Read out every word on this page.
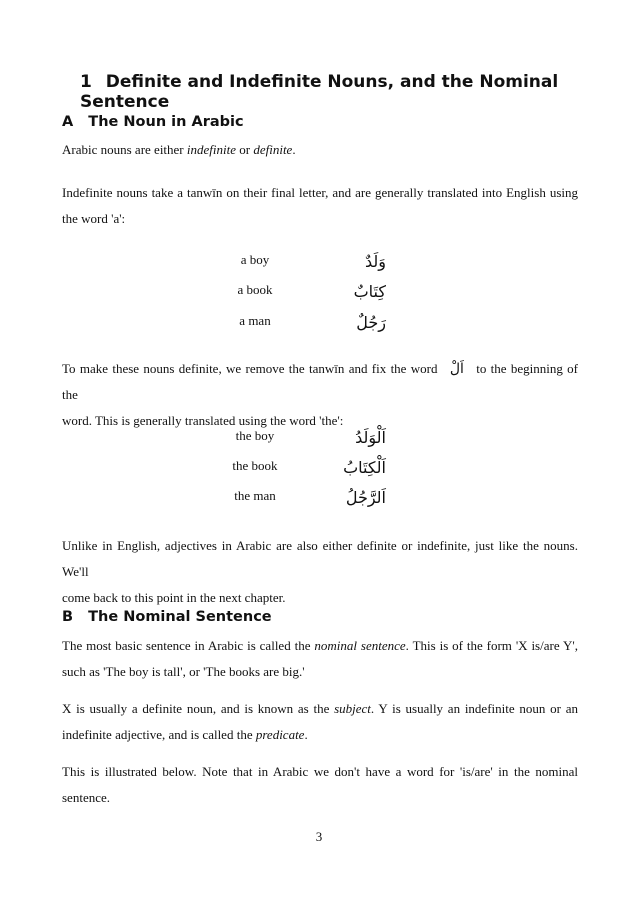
1 Definite and Indefinite Nouns, and the Nominal Sentence
A The Noun in Arabic

Arabic nouns are either indefinite or definite.

Indefinite nouns take a tanwīn on their final letter, and are generally translated into English using
the word 'a':

a boy	وَلَدٌ
a book	كِتَابٌ
a man	رَجُلٌ

To make these nouns definite, we remove the tanwīn and fix the word اَلْ to the beginning of the
word. This is generally translated using the word 'the':

the boy	اَلْوَلَدُ
the book	اَلْكِتَابُ
the man	اَلرَّجُلُ

Unlike in English, adjectives in Arabic are also either definite or indefinite, just like the nouns. We'll
come back to this point in the next chapter.

B The Nominal Sentence

The most basic sentence in Arabic is called the nominal sentence. This is of the form 'X is/are Y',
such as 'The boy is tall', or 'The books are big.'

X is usually a definite noun, and is known as the subject. Y is usually an indefinite noun or an
indefinite adjective, and is called the predicate.

This is illustrated below. Note that in Arabic we don't have a word for 'is/are' in the nominal
sentence.

3
